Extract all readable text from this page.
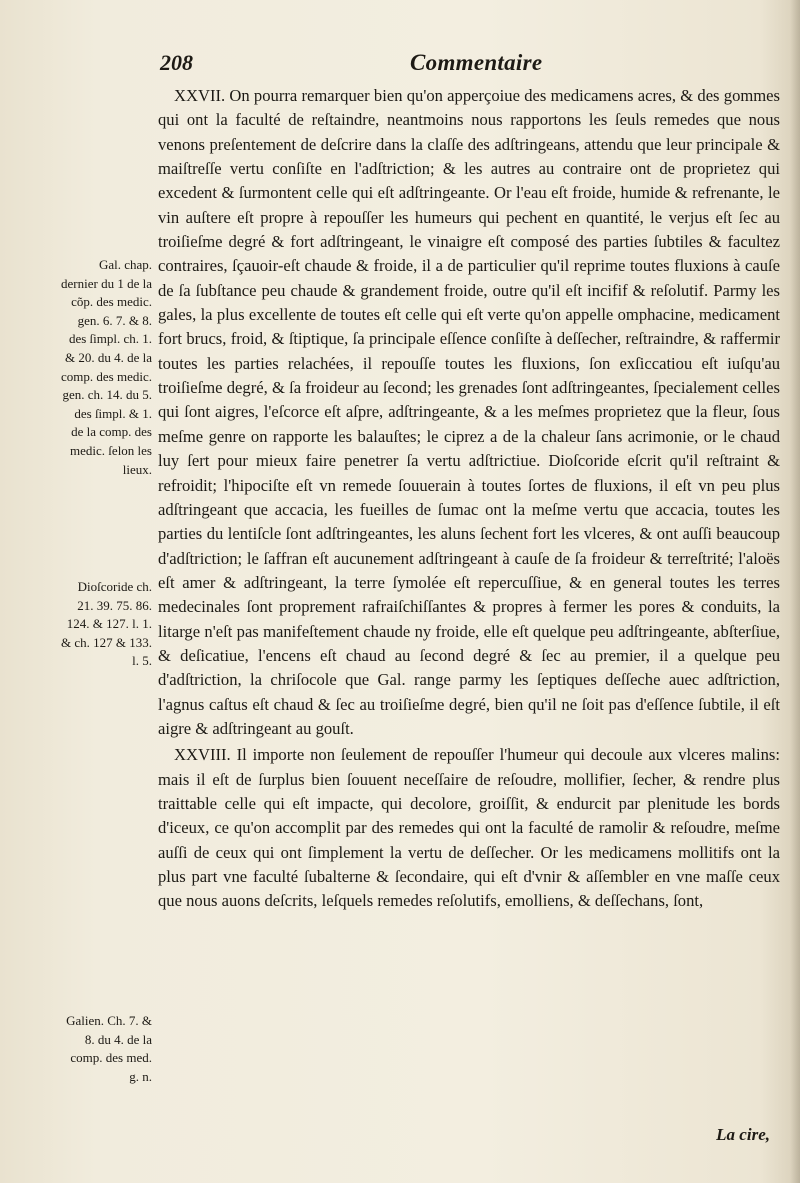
208	Commentaire
Gal. chap. dernier du 1 de la cõp. des medic. gen. 6. 7. & 8. des ſimpl. ch. 1. & 20. du 4. de la comp. des medic. gen. ch. 14. du 5. des ſimpl. & 1. de la comp. des medic. ſelon les lieux.
Dioſcoride ch. 21. 39. 75. 86. 124. & 127. l. 1. & ch. 127 & 133. l. 5.
Galien. Ch. 7. & 8. du 4. de la comp. des med. g. n.

XXVII. On pourra remarquer bien qu'on apperçoiue des medicamens acres, & des gommes qui ont la faculté de reſtaindre, neantmoins nous rapportons les ſeuls remedes que nous venons preſentement de deſcrire dans la claſſe des adſtringeans, attendu que leur principale & maiſtreſſe vertu conſiſte en l'adſtriction; & les autres au contraire ont de proprietez qui excedent & ſurmontent celle qui eſt adſtringeante. Or l'eau eſt froide, humide & refrenante, le vin auſtere eſt propre à repouſſer les humeurs qui pechent en quantité, le verjus eſt ſec au troiſieſme degré & fort adſtringeant, le vinaigre eſt composé des parties ſubtiles & facultez contraires, ſçauoir-eſt chaude & froide, il a de particulier qu'il reprime toutes fluxions à cauſe de ſa ſubſtance peu chaude & grandement froide, outre qu'il eſt incifif & reſolutif. Parmy les gales, la plus excellente de toutes eſt celle qui eſt verte qu'on appelle omphacine, medicament fort brucs, froid, & ſtiptique, ſa principale eſſence conſiſte à deſſecher, reſtraindre, & raffermir toutes les parties relachées, il repouſſe toutes les fluxions, ſon exſiccatiou eſt iuſqu'au troiſieſme degré, & ſa froideur au ſecond; les grenades ſont adſtringeantes, ſpecialement celles qui ſont aigres, l'eſcorce eſt aſpre, adſtringeante, & a les meſmes proprietez que la fleur, ſous meſme genre on rapporte les balauſtes; le ciprez a de la chaleur ſans acrimonie, or le chaud luy ſert pour mieux faire penetrer ſa vertu adſtrictiue. Dioſcoride eſcrit qu'il reſtraint & refroidit; l'hipociſte eſt vn remede ſouuerain à toutes ſortes de fluxions, il eſt vn peu plus adſtringeant que accacia, les fueilles de ſumac ont la meſme vertu que accacia, toutes les parties du lentiſcle ſont adſtringeantes, les aluns ſechent fort les vlceres, & ont auſſi beaucoup d'adſtriction; le ſaffran eſt aucunement adſtringeant à cauſe de ſa froideur & terreſtrité; l'aloës eſt amer & adſtringeant, la terre ſymolée eſt repercuſſiue, & en general toutes les terres medecinales ſont proprement rafraiſchiſſantes & propres à fermer les pores & conduits, la litarge n'eſt pas manifeſtement chaude ny froide, elle eſt quelque peu adſtringeante, abſterſiue, & deſicatiue, l'encens eſt chaud au ſecond degré & ſec au premier, il a quelque peu d'adſtriction, la chriſocole que Gal. range parmy les ſeptiques deſſeche auec adſtriction, l'agnus caſtus eſt chaud & ſec au troiſieſme degré, bien qu'il ne ſoit pas d'eſſence ſubtile, il eſt aigre & adſtringeant au gouſt.

XXVIII. Il importe non ſeulement de repouſſer l'humeur qui decoule aux vlceres malins: mais il eſt de ſurplus bien ſouuent neceſſaire de reſoudre, mollifier, ſecher, & rendre plus traittable celle qui eſt impacte, qui decolore, groiſſit, & endurcit par plenitude les bords d'iceux, ce qu'on accomplit par des remedes qui ont la faculté de ramolir & reſoudre, meſme auſſi de ceux qui ont ſimplement la vertu de deſſecher. Or les medicamens mollitifs ont la plus part vne faculté ſubalterne & ſecondaire, qui eſt d'vnir & aſſembler en vne maſſe ceux que nous auons deſcrits, leſquels remedes reſolutifs, emolliens, & deſſechans, ſont,

La cire,
